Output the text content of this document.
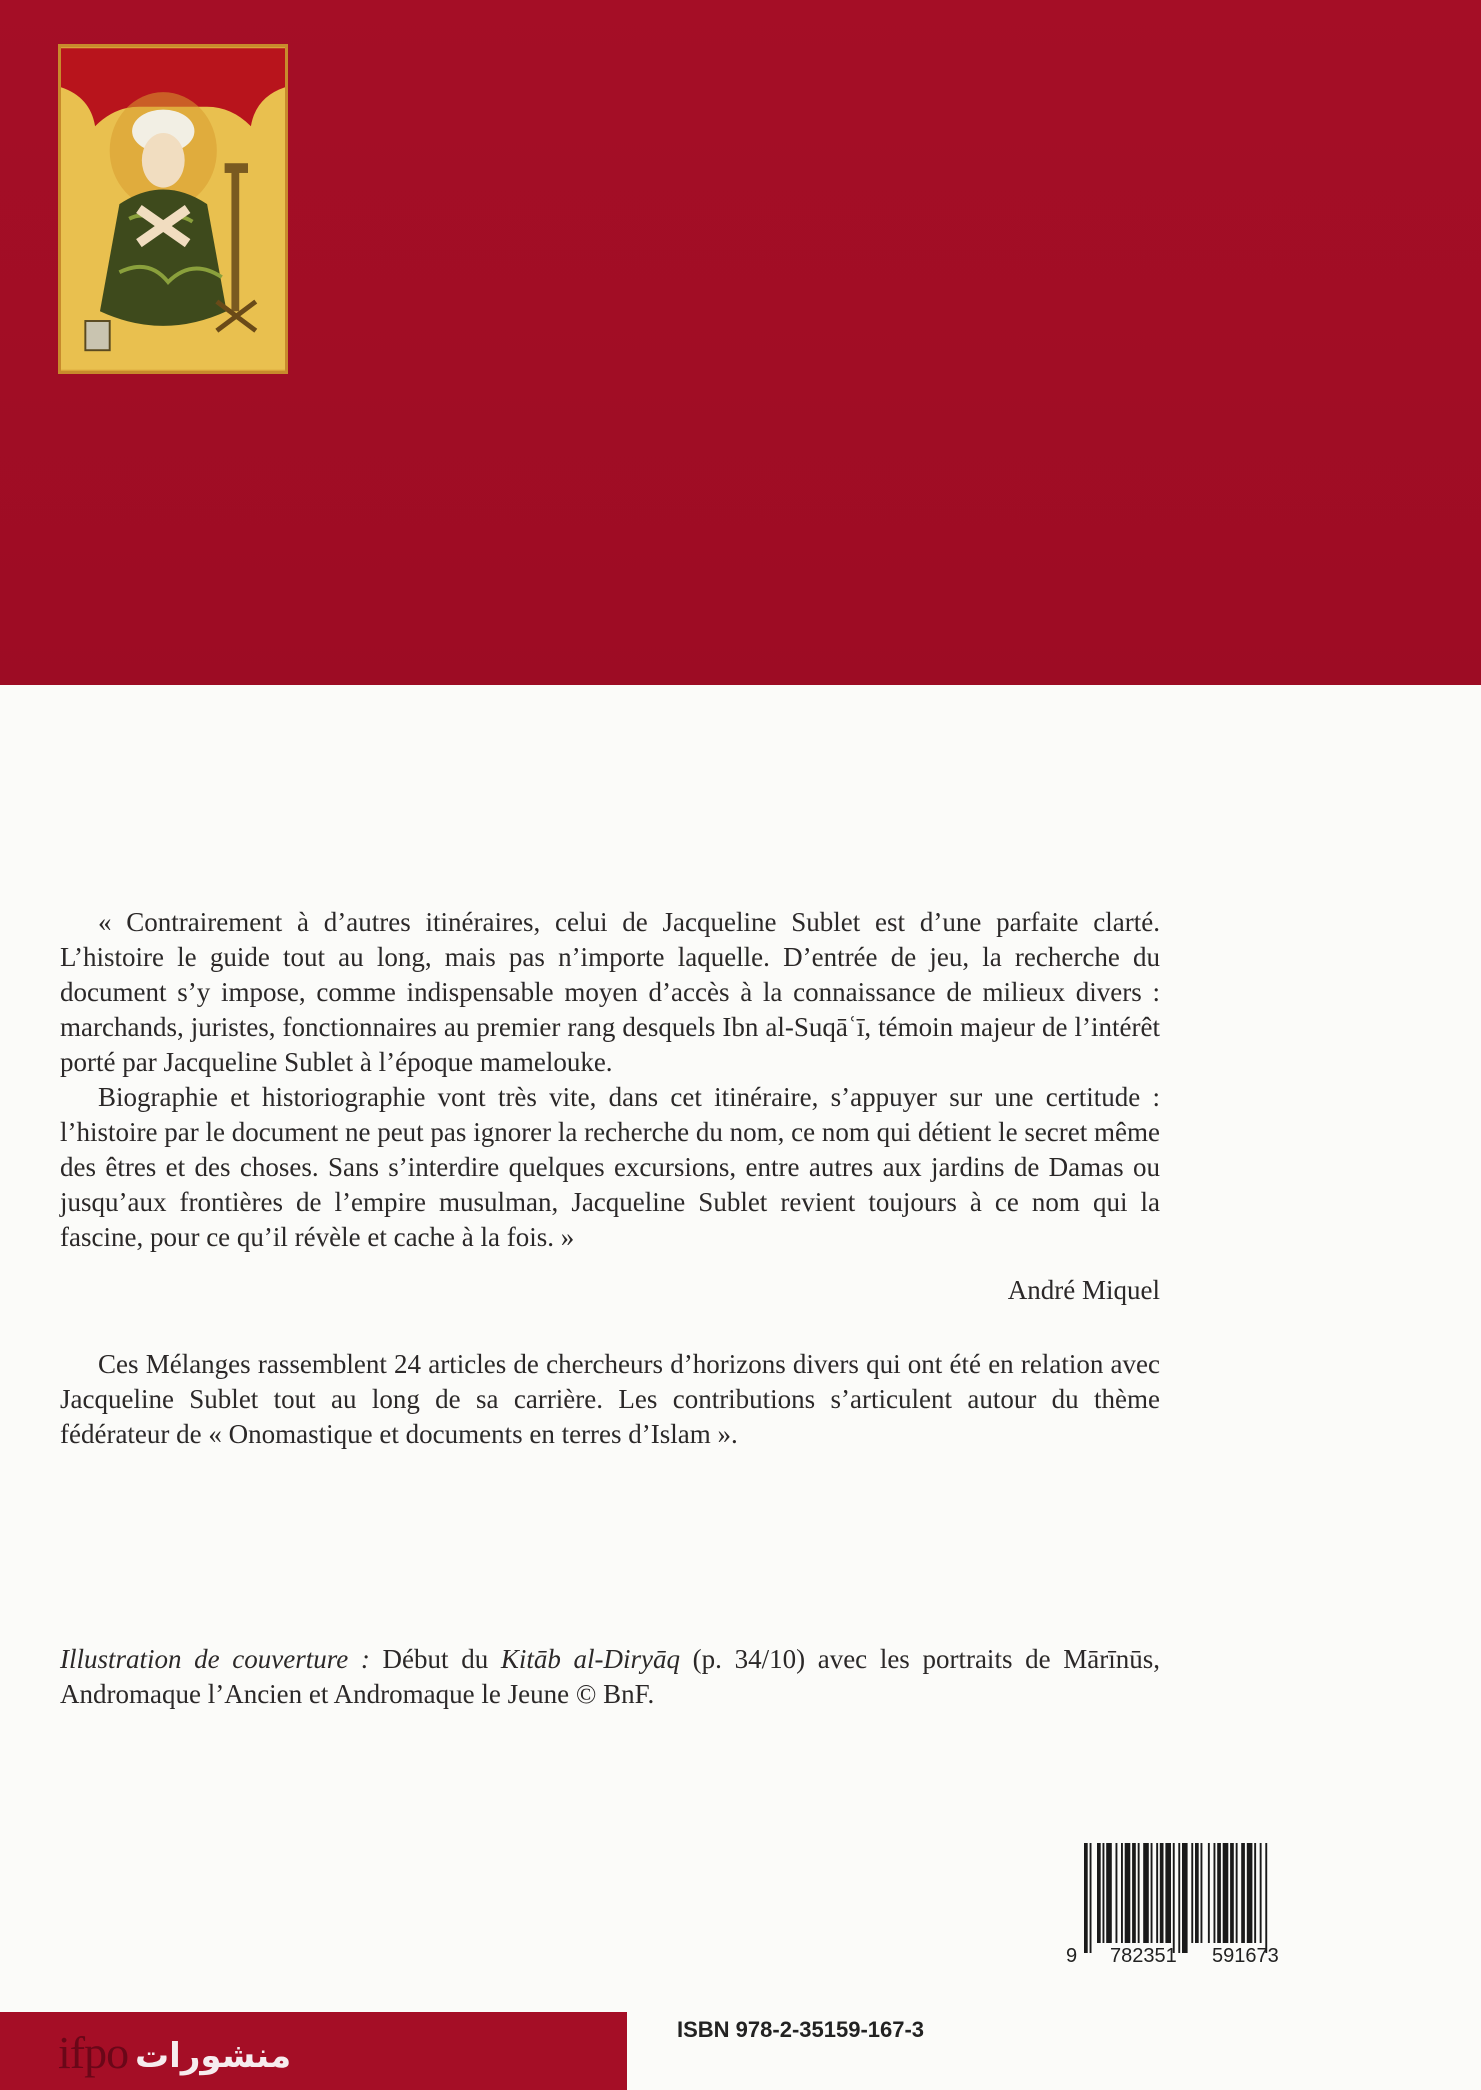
« Contrairement à d’autres itinéraires, celui de Jacqueline Sublet est d’une parfaite clarté. L’histoire le guide tout au long, mais pas n’importe laquelle. D’entrée de jeu, la recherche du document s’y impose, comme indispensable moyen d’accès à la connaissance de milieux divers : marchands, juristes, fonctionnaires au premier rang desquels Ibn al-Suqāʿī, témoin majeur de l’intérêt porté par Jacqueline Sublet à l’époque mamelouke.

Biographie et historiographie vont très vite, dans cet itinéraire, s’appuyer sur une certitude : l’histoire par le document ne peut pas ignorer la recherche du nom, ce nom qui détient le secret même des êtres et des choses. Sans s’interdire quelques excursions, entre autres aux jardins de Damas ou jusqu’aux frontières de l’empire musulman, Jacqueline Sublet revient toujours à ce nom qui la fascine, pour ce qu’il révèle et cache à la fois. »

André Miquel

Ces Mélanges rassemblent 24 articles de chercheurs d’horizons divers qui ont été en relation avec Jacqueline Sublet tout au long de sa carrière. Les contributions s’articulent autour du thème fédérateur de « Onomastique et documents en terres d’Islam ».

Illustration de couverture : Début du Kitāb al-Diryāq (p. 34/10) avec les portraits de Mārīnūs, Andromaque l’Ancien et Andromaque le Jeune © BnF.

9 782351 591673
ISBN 978-2-35159-167-3
ifpo منشورات
